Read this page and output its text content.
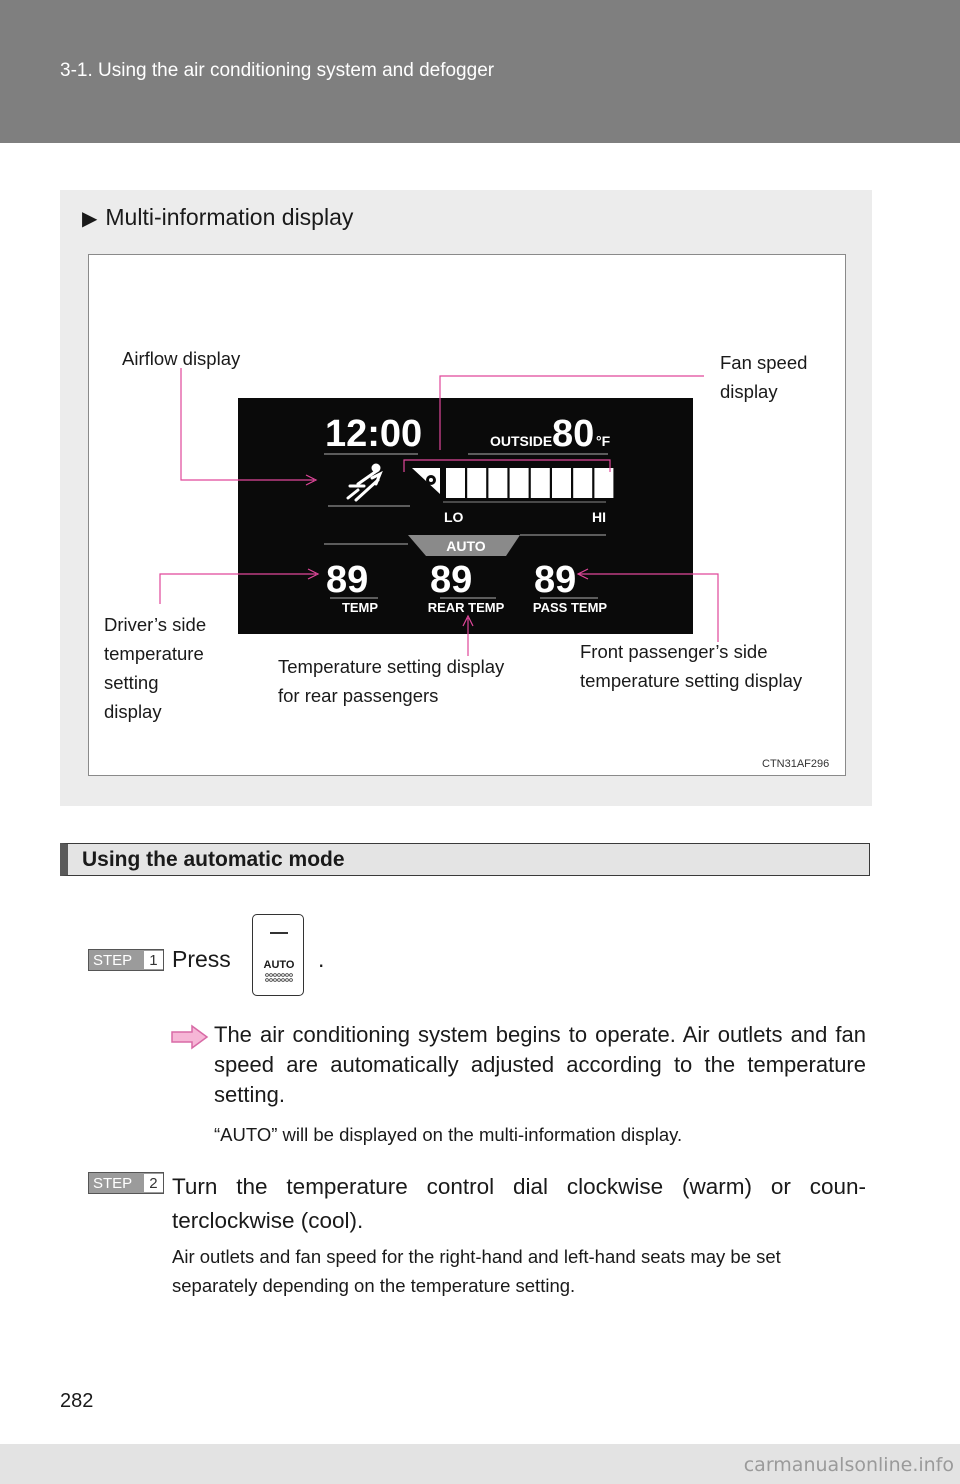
3-1. Using the air conditioning system and defogger
▶ Multi-information display
12:00	OUTSIDE 80 °F
LO	HI
AUTO
89 89 89
TEMP	REAR TEMP PASS TEMP
Airflow display	Fan speed
display
Driver’s side
temperature
setting
display
Temperature setting display
for rear passengers
Front passenger’s side
temperature setting display
CTN31AF296
Using the automatic mode
STEP	1 Press	AUTO .
The air conditioning system begins to operate. Air outlets and fan speed are automatically adjusted according to the temperature setting.
“AUTO” will be displayed on the multi-information display.
STEP	2 Turn the temperature control dial clockwise (warm) or coun-terclockwise (cool).
Air outlets and fan speed for the right-hand and left-hand seats may be set separately depending on the temperature setting.
282
carmanualsonline.info
